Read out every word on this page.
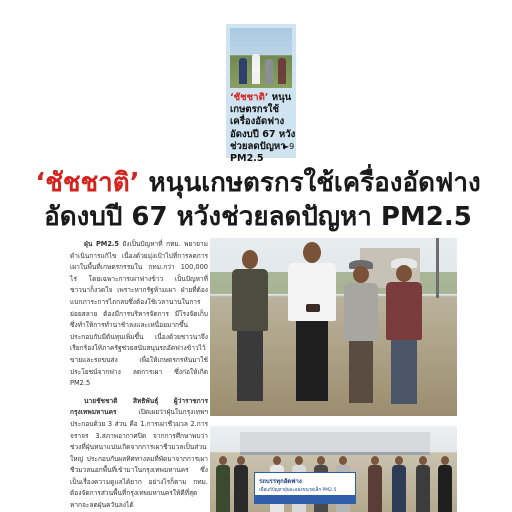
‘ชัชชาติ’ หนุนเกษตรกรใช้เครื่องอัดฟางอัดงบปี 67 หวังช่วยลดปัญหา PM2.5
►9
‘ชัชชาติ’ หนุนเกษตรกรใช้เครื่องอัดฟาง
อัดงบปี 67 หวังช่วยลดปัญหา PM2.5

ฝุ่น PM2.5 ยังเป็นปัญหาที่ กทม. พยายามดำเนินการแก้ไข เนื่องด้วยมุ่งเป้าไปที่การลดการเผาในพื้นที่เกษตรกรรมใน กทม.กว่า 100,000 ไร่ โดยเฉพาะการเผาฟางข้าว เป็นปัญหาที่ชาวนาก็งวดใจ เพราะหากรัฐห้ามเผา ฝ่ายที่ต้องแบกภาระการไถกลบซึ่งต้องใช้เวลานานในการย่อยสลาย ต้องมีการบริหารจัดการ มีโรงจัดเก็บซึ่งทำให้การทำนาช้าลงและเหนื่อยมากขึ้น ประกอบกับมีต้นทุนเพิ่มขึ้น เนื่องด้วยชาวนาจึงเรียกร้องให้ภาครัฐช่วยสนับสนุนรถอัดฟางข้าวไว้ขายและรถขนส่ง เพื่อให้เกษตรกรหันมาใช้ประโยชน์จากฟาง ลดการเผา ซึ่งก่อให้เกิด PM2.5

นายชัชชาติ สิทธิพันธุ์ ผู้ว่าราชการกรุงเทพมหานคร	เปิดเผยว่าฝุ่นในกรุงเทพฯ ประกอบด้วย 3 ส่วน คือ 1.การเผาชีวมวล 2.การจราจร 3.สภาพอากาศปิด จากการศึกษาพบว่าช่วงที่ฝุ่นหนาแน่นเกิดจากการเผาชีวมวลเป็นส่วนใหญ่ ประกอบกับผลทิศทางลมที่พัดมาจากการเผาชีวมวลนอกพื้นที่เข้ามาในกรุงเทพมหานคร ซึ่งเป็นเรื่องความดูแลได้ยาก อย่างไรก็ตาม กทม. ต้องจัดการส่วนพื้นที่กรุงเทพมหานครให้ดีที่สุด หากจะลดฝุ่นควันลงได้

รถบรรทุกอัดฟาง
เพื่อแก้ปัญหาฝุ่นละอองขนาดเล็ก PM2.5
